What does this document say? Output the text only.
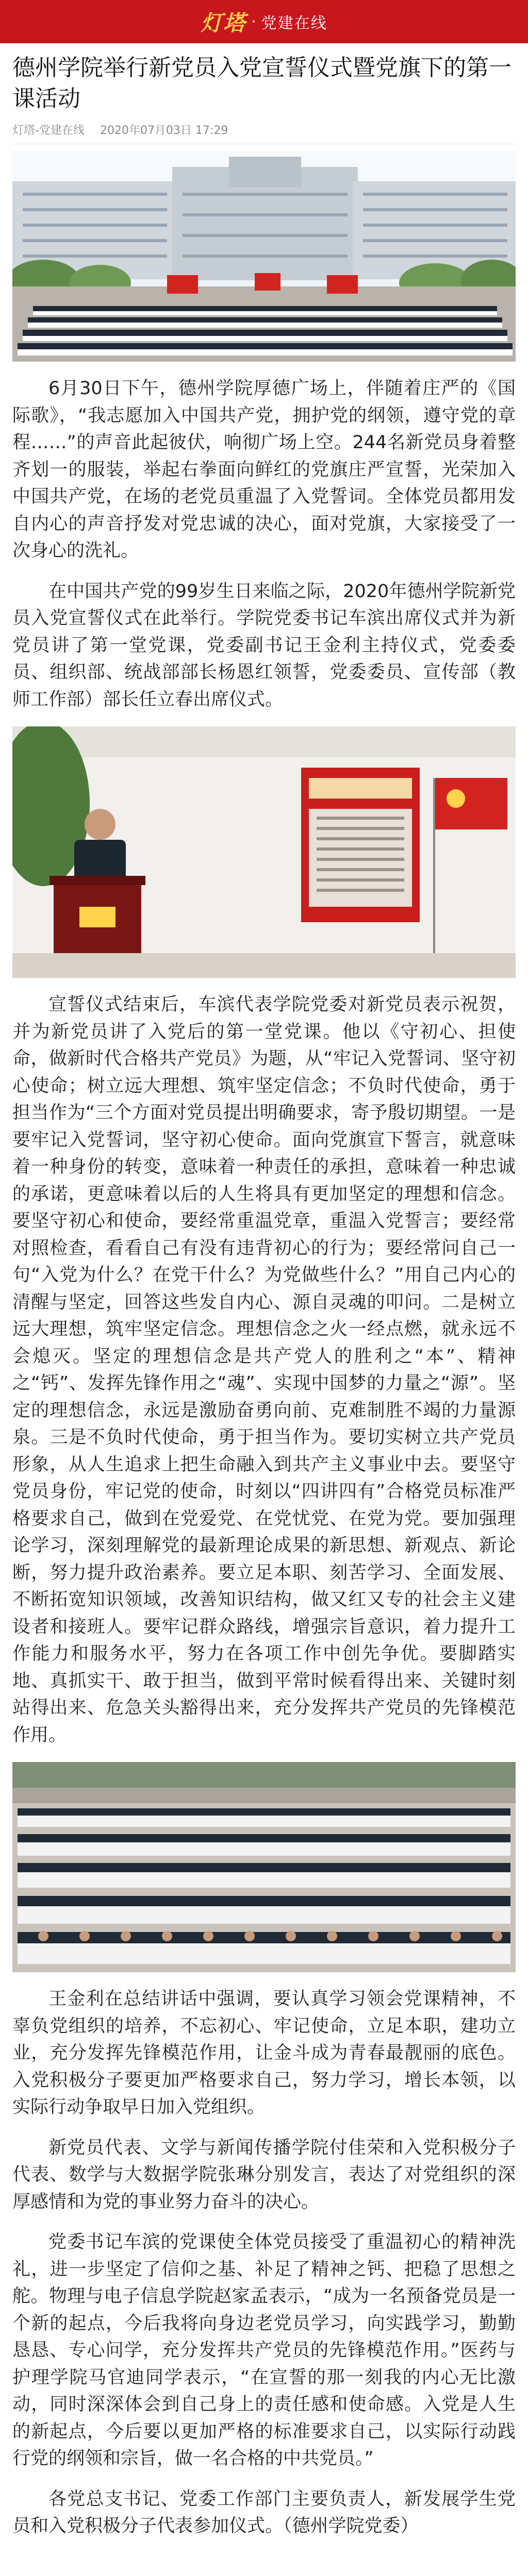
灯塔 · 党建在线
德州学院举行新党员入党宣誓仪式暨党旗下的第一课活动
灯塔-党建在线 2020年07月03日 17:29

6月30日下午，德州学院厚德广场上，伴随着庄严的《国际歌》，“我志愿加入中国共产党，拥护党的纲领，遵守党的章程……”的声音此起彼伏，响彻广场上空。244名新党员身着整齐划一的服装，举起右拳面向鲜红的党旗庄严宣誓，光荣加入中国共产党，在场的老党员重温了入党誓词。全体党员都用发自内心的声音抒发对党忠诚的决心，面对党旗，大家接受了一次身心的洗礼。

在中国共产党的99岁生日来临之际，2020年德州学院新党员入党宣誓仪式在此举行。学院党委书记车滨出席仪式并为新党员讲了第一堂党课，党委副书记王金利主持仪式，党委委员、组织部、统战部部长杨恩红领誓，党委委员、宣传部（教师工作部）部长任立春出席仪式。

宣誓仪式结束后，车滨代表学院党委对新党员表示祝贺，并为新党员讲了入党后的第一堂党课。他以《守初心、担使命，做新时代合格共产党员》为题，从“牢记入党誓词、坚守初心使命；树立远大理想、筑牢坚定信念；不负时代使命，勇于担当作为“三个方面对党员提出明确要求，寄予殷切期望。一是要牢记入党誓词，坚守初心使命。面向党旗宣下誓言，就意味着一种身份的转变，意味着一种责任的承担，意味着一种忠诚的承诺，更意味着以后的人生将具有更加坚定的理想和信念。要坚守初心和使命，要经常重温党章，重温入党誓言；要经常对照检查，看看自己有没有违背初心的行为；要经常问自己一句“入党为什么？在党干什么？为党做些什么？”用自己内心的清醒与坚定，回答这些发自内心、源自灵魂的叩问。二是树立远大理想，筑牢坚定信念。理想信念之火一经点燃，就永远不会熄灭。坚定的理想信念是共产党人的胜利之“本”、精神之“钙”、发挥先锋作用之“魂”、实现中国梦的力量之“源”。坚定的理想信念，永远是激励奋勇向前、克难制胜不竭的力量源泉。三是不负时代使命，勇于担当作为。要切实树立共产党员形象，从人生追求上把生命融入到共产主义事业中去。要坚守党员身份，牢记党的使命，时刻以“四讲四有”合格党员标准严格要求自己，做到在党爱党、在党忧党、在党为党。要加强理论学习，深刻理解党的最新理论成果的新思想、新观点、新论断，努力提升政治素养。要立足本职、刻苦学习、全面发展、不断拓宽知识领域，改善知识结构，做又红又专的社会主义建设者和接班人。要牢记群众路线，增强宗旨意识，着力提升工作能力和服务水平，努力在各项工作中创先争优。要脚踏实地、真抓实干、敢于担当，做到平常时候看得出来、关键时刻站得出来、危急关头豁得出来，充分发挥共产党员的先锋模范作用。

王金利在总结讲话中强调，要认真学习领会党课精神，不辜负党组织的培养，不忘初心、牢记使命，立足本职，建功立业，充分发挥先锋模范作用，让金斗成为青春最靓丽的底色。入党积极分子要更加严格要求自己，努力学习，增长本领，以实际行动争取早日加入党组织。

新党员代表、文学与新闻传播学院付佳荣和入党积极分子代表、数学与大数据学院张琳分别发言，表达了对党组织的深厚感情和为党的事业努力奋斗的决心。

党委书记车滨的党课使全体党员接受了重温初心的精神洗礼，进一步坚定了信仰之基、补足了精神之钙、把稳了思想之舵。物理与电子信息学院赵家孟表示，“成为一名预备党员是一个新的起点，今后我将向身边老党员学习，向实践学习，勤勤恳恳、专心问学，充分发挥共产党员的先锋模范作用。”医药与护理学院马官迪同学表示，“在宣誓的那一刻我的内心无比激动，同时深深体会到自己身上的责任感和使命感。入党是人生的新起点，今后要以更加严格的标准要求自己，以实际行动践行党的纲领和宗旨，做一名合格的中共党员。”

各党总支书记、党委工作部门主要负责人，新发展学生党员和入党积极分子代表参加仪式。（德州学院党委）
